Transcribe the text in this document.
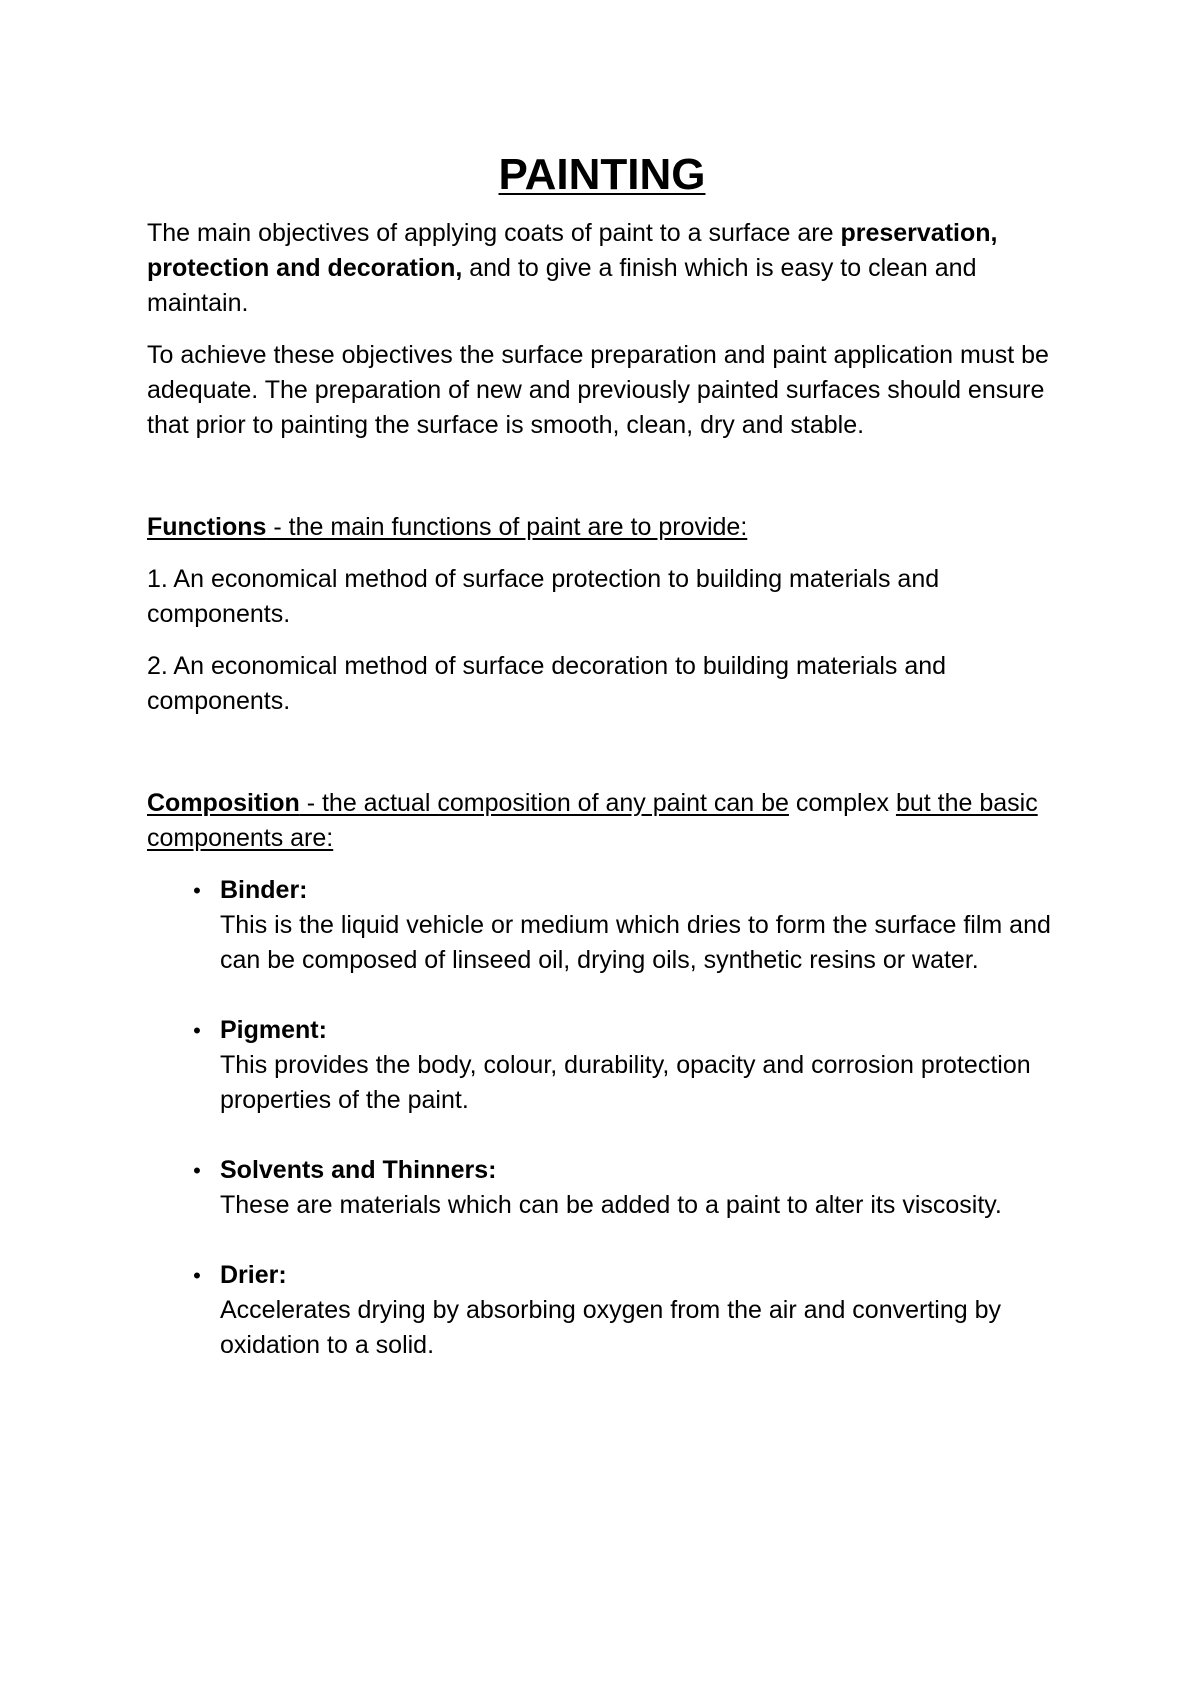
PAINTING

The main objectives of applying coats of paint to a surface are preservation, protection and decoration, and to give a finish which is easy to clean and maintain.

To achieve these objectives the surface preparation and paint application must be adequate. The preparation of new and previously painted surfaces should ensure that prior to painting the surface is smooth, clean, dry and stable.

Functions - the main functions of paint are to provide:

1. An economical method of surface protection to building materials and components.

2. An economical method of surface decoration to building materials and components.

Composition - the actual composition of any paint can be complex but the basic components are:

• Binder:
This is the liquid vehicle or medium which dries to form the surface film and can be composed of linseed oil, drying oils, synthetic resins or water.
• Pigment:
This provides the body, colour, durability, opacity and corrosion protection properties of the paint.
• Solvents and Thinners:
These are materials which can be added to a paint to alter its viscosity.
• Drier:
Accelerates drying by absorbing oxygen from the air and converting by oxidation to a solid.
